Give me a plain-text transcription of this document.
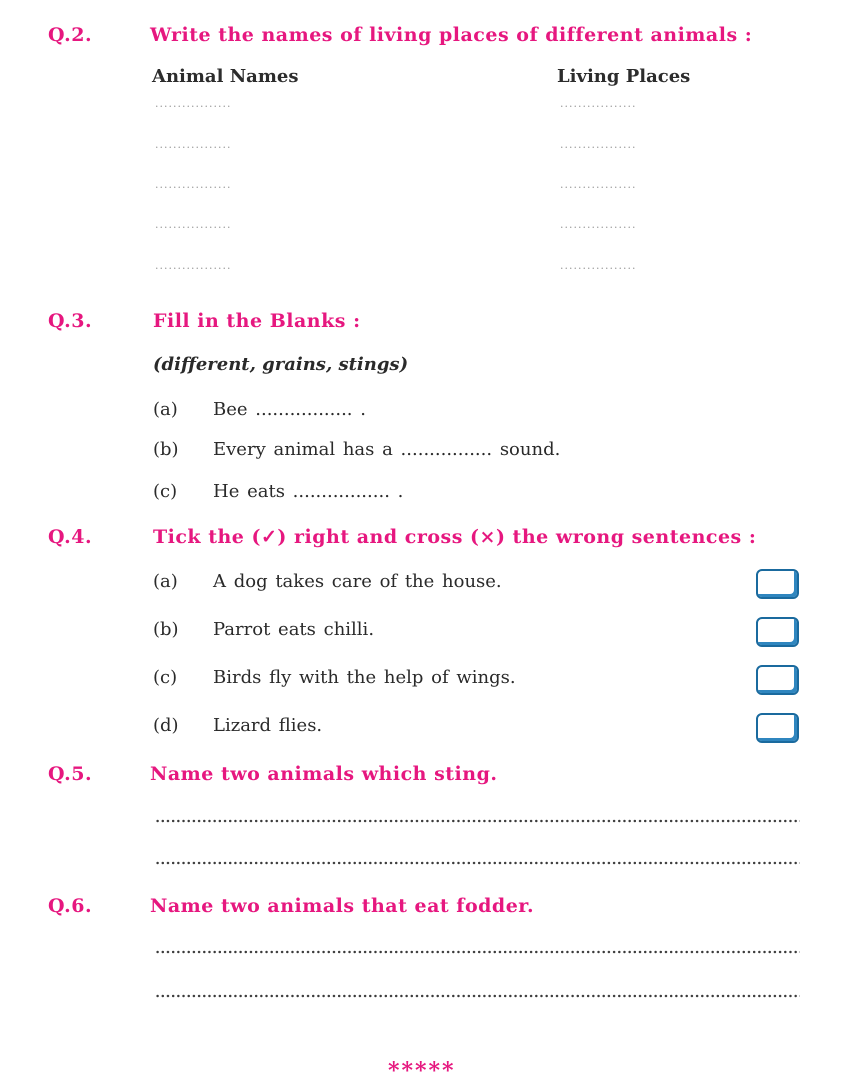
Q.2.	Write the names of living places of different animals :
Animal Names	Living Places
·················	·················
·················	·················
·················	·················
·················	·················
·················	·················
Q.3.	Fill in the Blanks :
(different, grains, stings)
(a) Bee ................. .
(b) Every animal has a ................ sound.
(c) He eats ................. .
Q.4.	Tick the (✓) right and cross (×) the wrong sentences :
(a) A dog takes care of the house.
(b) Parrot eats chilli.
(c) Birds fly with the help of wings.
(d) Lizard flies.
Q.5.	Name two animals which sting.
Q.6.	Name two animals that eat fodder.
*****
